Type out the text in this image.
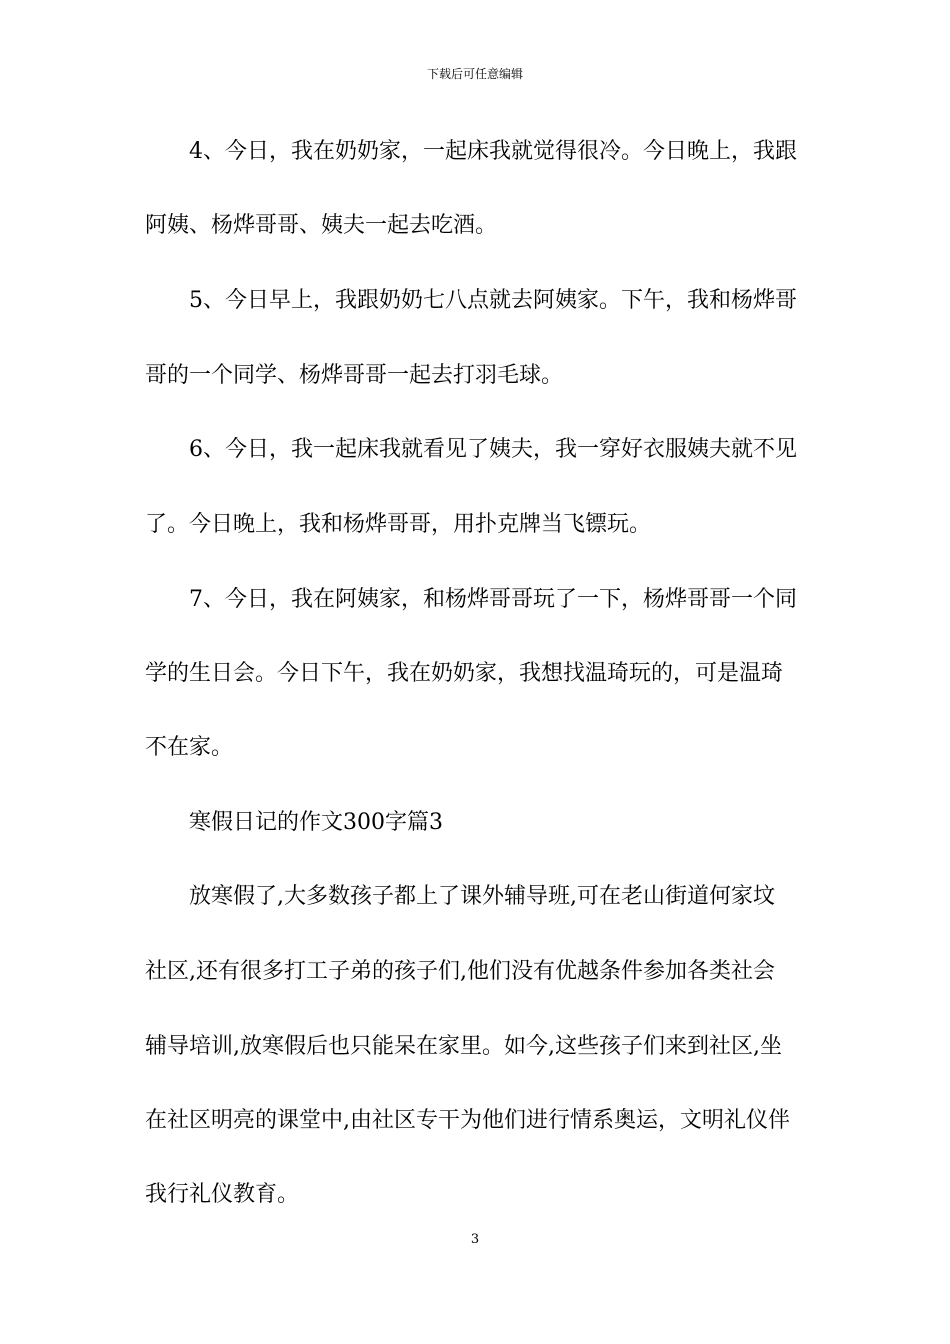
下载后可任意编辑
4、今日，我在奶奶家，一起床我就觉得很冷。今日晚上，我跟
阿姨、杨烨哥哥、姨夫一起去吃酒。
5、今日早上，我跟奶奶七八点就去阿姨家。下午，我和杨烨哥
哥的一个同学、杨烨哥哥一起去打羽毛球。
6、今日，我一起床我就看见了姨夫，我一穿好衣服姨夫就不见
了。今日晚上，我和杨烨哥哥，用扑克牌当飞镖玩。
7、今日，我在阿姨家，和杨烨哥哥玩了一下，杨烨哥哥一个同
学的生日会。今日下午，我在奶奶家，我想找温琦玩的，可是温琦
不在家。
寒假日记的作文300字篇3
放寒假了,大多数孩子都上了课外辅导班,可在老山街道何家坟
社区,还有很多打工子弟的孩子们,他们没有优越条件参加各类社会
辅导培训,放寒假后也只能呆在家里。如今,这些孩子们来到社区,坐
在社区明亮的课堂中,由社区专干为他们进行情系奥运，文明礼仪伴
我行礼仪教育。
3
